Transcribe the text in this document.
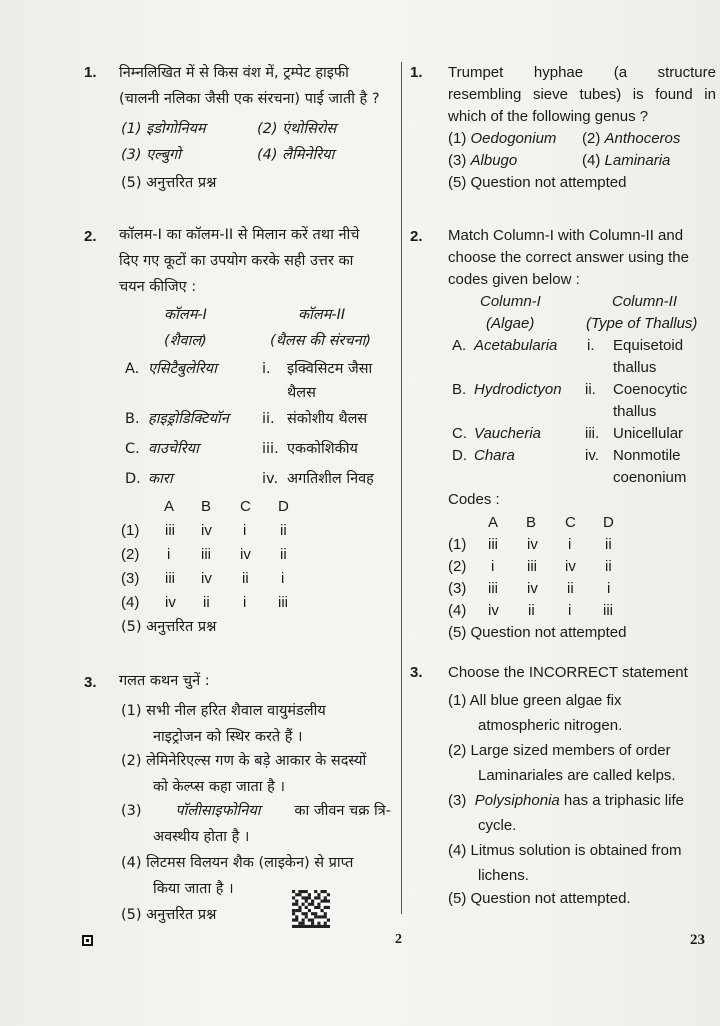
1. निम्नलिखित में से किस वंश में, ट्रम्पेट हाइफी
(चालनी नलिका जैसी एक संरचना) पाई जाती है ?
(1) इडोगोनियम	(2) एंथोसिरोस
(3) एल्बुगो	(4) लैमिनेरिया
(5) अनुत्तरित प्रश्न
1. Trumpet hyphae (a structure
resembling sieve tubes) is found in
which of the following genus ?
(1) Oedogonium (2) Anthoceros
(3) Albugo	(4) Laminaria
(5) Question not attempted
2. कॉलम-I का कॉलम-II से मिलान करें तथा नीचे
दिए गए कूटों का उपयोग करके सही उत्तर का
चयन कीजिए :
कॉलम-I	कॉलम-II
(शैवाल)	(थैलस की संरचना)
A. एसिटैबुलेरिया	i. इक्विसिटम जैसा
थैलस
B. हाइड्रोडिक्टियॉन ii. संकोशीय थैलस
C. वाउचेरिया	iii. एककोशिकीय
D. कारा	iv. अगतिशील निवह
A B C D
(1) iii iv i ii
(2) i iii iv ii
(3) iii iv ii i
(4) iv ii i iii
(5) अनुत्तरित प्रश्न
2. Match Column-I with Column-II and
choose the correct answer using the
codes given below :
Column-I	Column-II
(Algae)	(Type of Thallus)
A. Acetabularia i. Equisetoid
thallus
B. Hydrodictyon ii. Coenocytic
thallus
C. Vaucheria	iii. Unicellular
D. Chara	iv. Nonmotile
coenonium
Codes :
A B C D
(1) iii iv i ii
(2) i iii iv ii
(3) iii iv ii i
(4) iv ii i iii
(5) Question not attempted
3. गलत कथन चुनें :
(1) सभी नील हरित शैवाल वायुमंडलीय
नाइट्रोजन को स्थिर करते हैं ।
(2) लेमिनेरिएल्स गण के बड़े आकार के सदस्यों
को केल्प्स कहा जाता है ।
(3) पॉलीसाइफोनिया का जीवन चक्र त्रि-
अवस्थीय होता है ।
(4) लिटमस विलयन शैक (लाइकेन) से प्राप्त
किया जाता है ।
(5) अनुत्तरित प्रश्न
3. Choose the INCORRECT statement
(1) All blue green algae fix
atmospheric nitrogen.
(2) Large sized members of order
Laminariales are called kelps.
(3) Polysiphonia has a triphasic life
cycle.
(4) Litmus solution is obtained from
lichens.
(5) Question not attempted.
2	23
